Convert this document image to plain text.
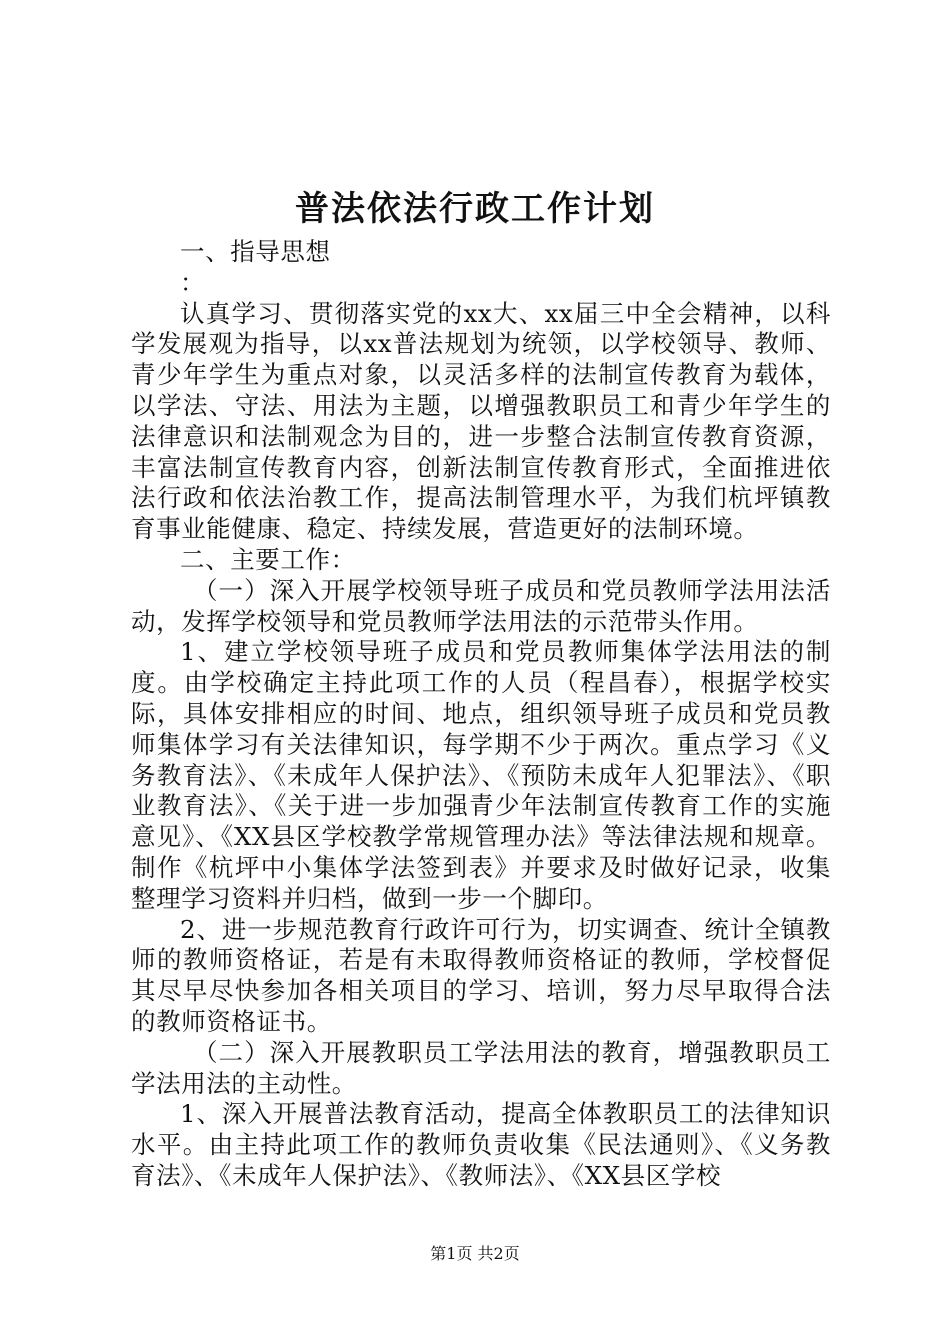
普法依法行政工作计划

一、指导思想

：

认真学习、贯彻落实党的xx大、xx届三中全会精神，以科学发展观为指导，以xx普法规划为统领，以学校领导、教师、青少年学生为重点对象，以灵活多样的法制宣传教育为载体，以学法、守法、用法为主题，以增强教职员工和青少年学生的法律意识和法制观念为目的，进一步整合法制宣传教育资源，丰富法制宣传教育内容，创新法制宣传教育形式，全面推进依法行政和依法治教工作，提高法制管理水平，为我们杭坪镇教育事业能健康、稳定、持续发展，营造更好的法制环境。

二、主要工作：

（一）深入开展学校领导班子成员和党员教师学法用法活动，发挥学校领导和党员教师学法用法的示范带头作用。

1、建立学校领导班子成员和党员教师集体学法用法的制度。由学校确定主持此项工作的人员（程昌春），根据学校实际，具体安排相应的时间、地点，组织领导班子成员和党员教师集体学习有关法律知识，每学期不少于两次。重点学习《义务教育法》、《未成年人保护法》、《预防未成年人犯罪法》、《职业教育法》、《关于进一步加强青少年法制宣传教育工作的实施意见》、《XX县区学校教学常规管理办法》等法律法规和规章。制作《杭坪中小集体学法签到表》并要求及时做好记录，收集整理学习资料并归档，做到一步一个脚印。

2、进一步规范教育行政许可行为，切实调查、统计全镇教师的教师资格证，若是有未取得教师资格证的教师，学校督促其尽早尽快参加各相关项目的学习、培训，努力尽早取得合法的教师资格证书。

（二）深入开展教职员工学法用法的教育，增强教职员工学法用法的主动性。

1、深入开展普法教育活动，提高全体教职员工的法律知识水平。由主持此项工作的教师负责收集《民法通则》、《义务教育法》、《未成年人保护法》、《教师法》、《XX县区学校

第1页 共2页
